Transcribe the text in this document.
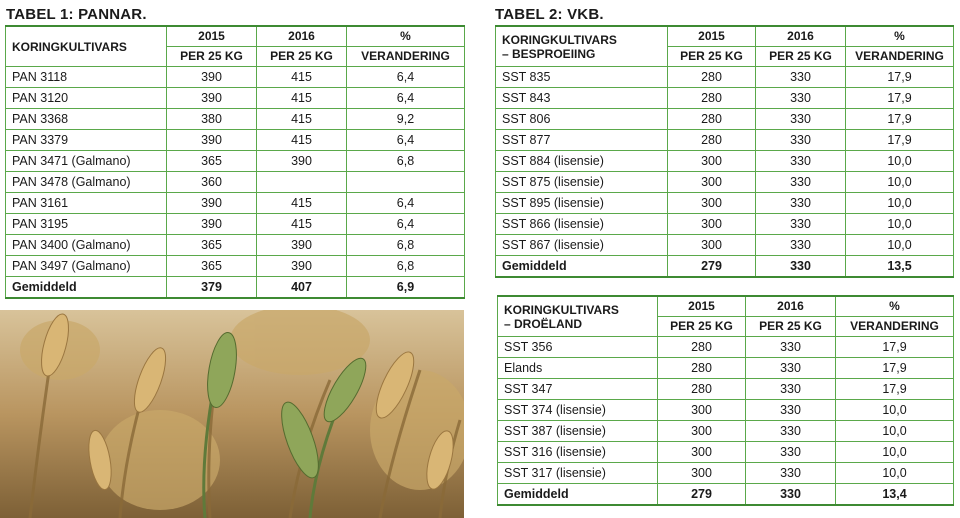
TABEL 1: PANNAR.
KORINGKULTIVARS	2015	2016	%
	PER 25 KG	PER 25 KG	VERANDERING
PAN 3118	390	415	6,4
PAN 3120	390	415	6,4
PAN 3368	380	415	9,2
PAN 3379	390	415	6,4
PAN 3471 (Galmano)	365	390	6,8
PAN 3478 (Galmano)	360		
PAN 3161	390	415	6,4
PAN 3195	390	415	6,4
PAN 3400 (Galmano)	365	390	6,8
PAN 3497 (Galmano)	365	390	6,8
Gemiddeld	379	407	6,9
TABEL 2: VKB.
KORINGKULTIVARS
– BESPROEIING	2015	2016	%
	PER 25 KG	PER 25 KG	VERANDERING
SST 835	280	330	17,9
SST 843	280	330	17,9
SST 806	280	330	17,9
SST 877	280	330	17,9
SST 884 (lisensie)	300	330	10,0
SST 875 (lisensie)	300	330	10,0
SST 895 (lisensie)	300	330	10,0
SST 866 (lisensie)	300	330	10,0
SST 867 (lisensie)	300	330	10,0
Gemiddeld	279	330	13,5
KORINGKULTIVARS
– DROËLAND	2015	2016	%
	PER 25 KG	PER 25 KG	VERANDERING
SST 356	280	330	17,9
Elands	280	330	17,9
SST 347	280	330	17,9
SST 374 (lisensie)	300	330	10,0
SST 387 (lisensie)	300	330	10,0
SST 316 (lisensie)	300	330	10,0
SST 317 (lisensie)	300	330	10,0
Gemiddeld	279	330	13,4
